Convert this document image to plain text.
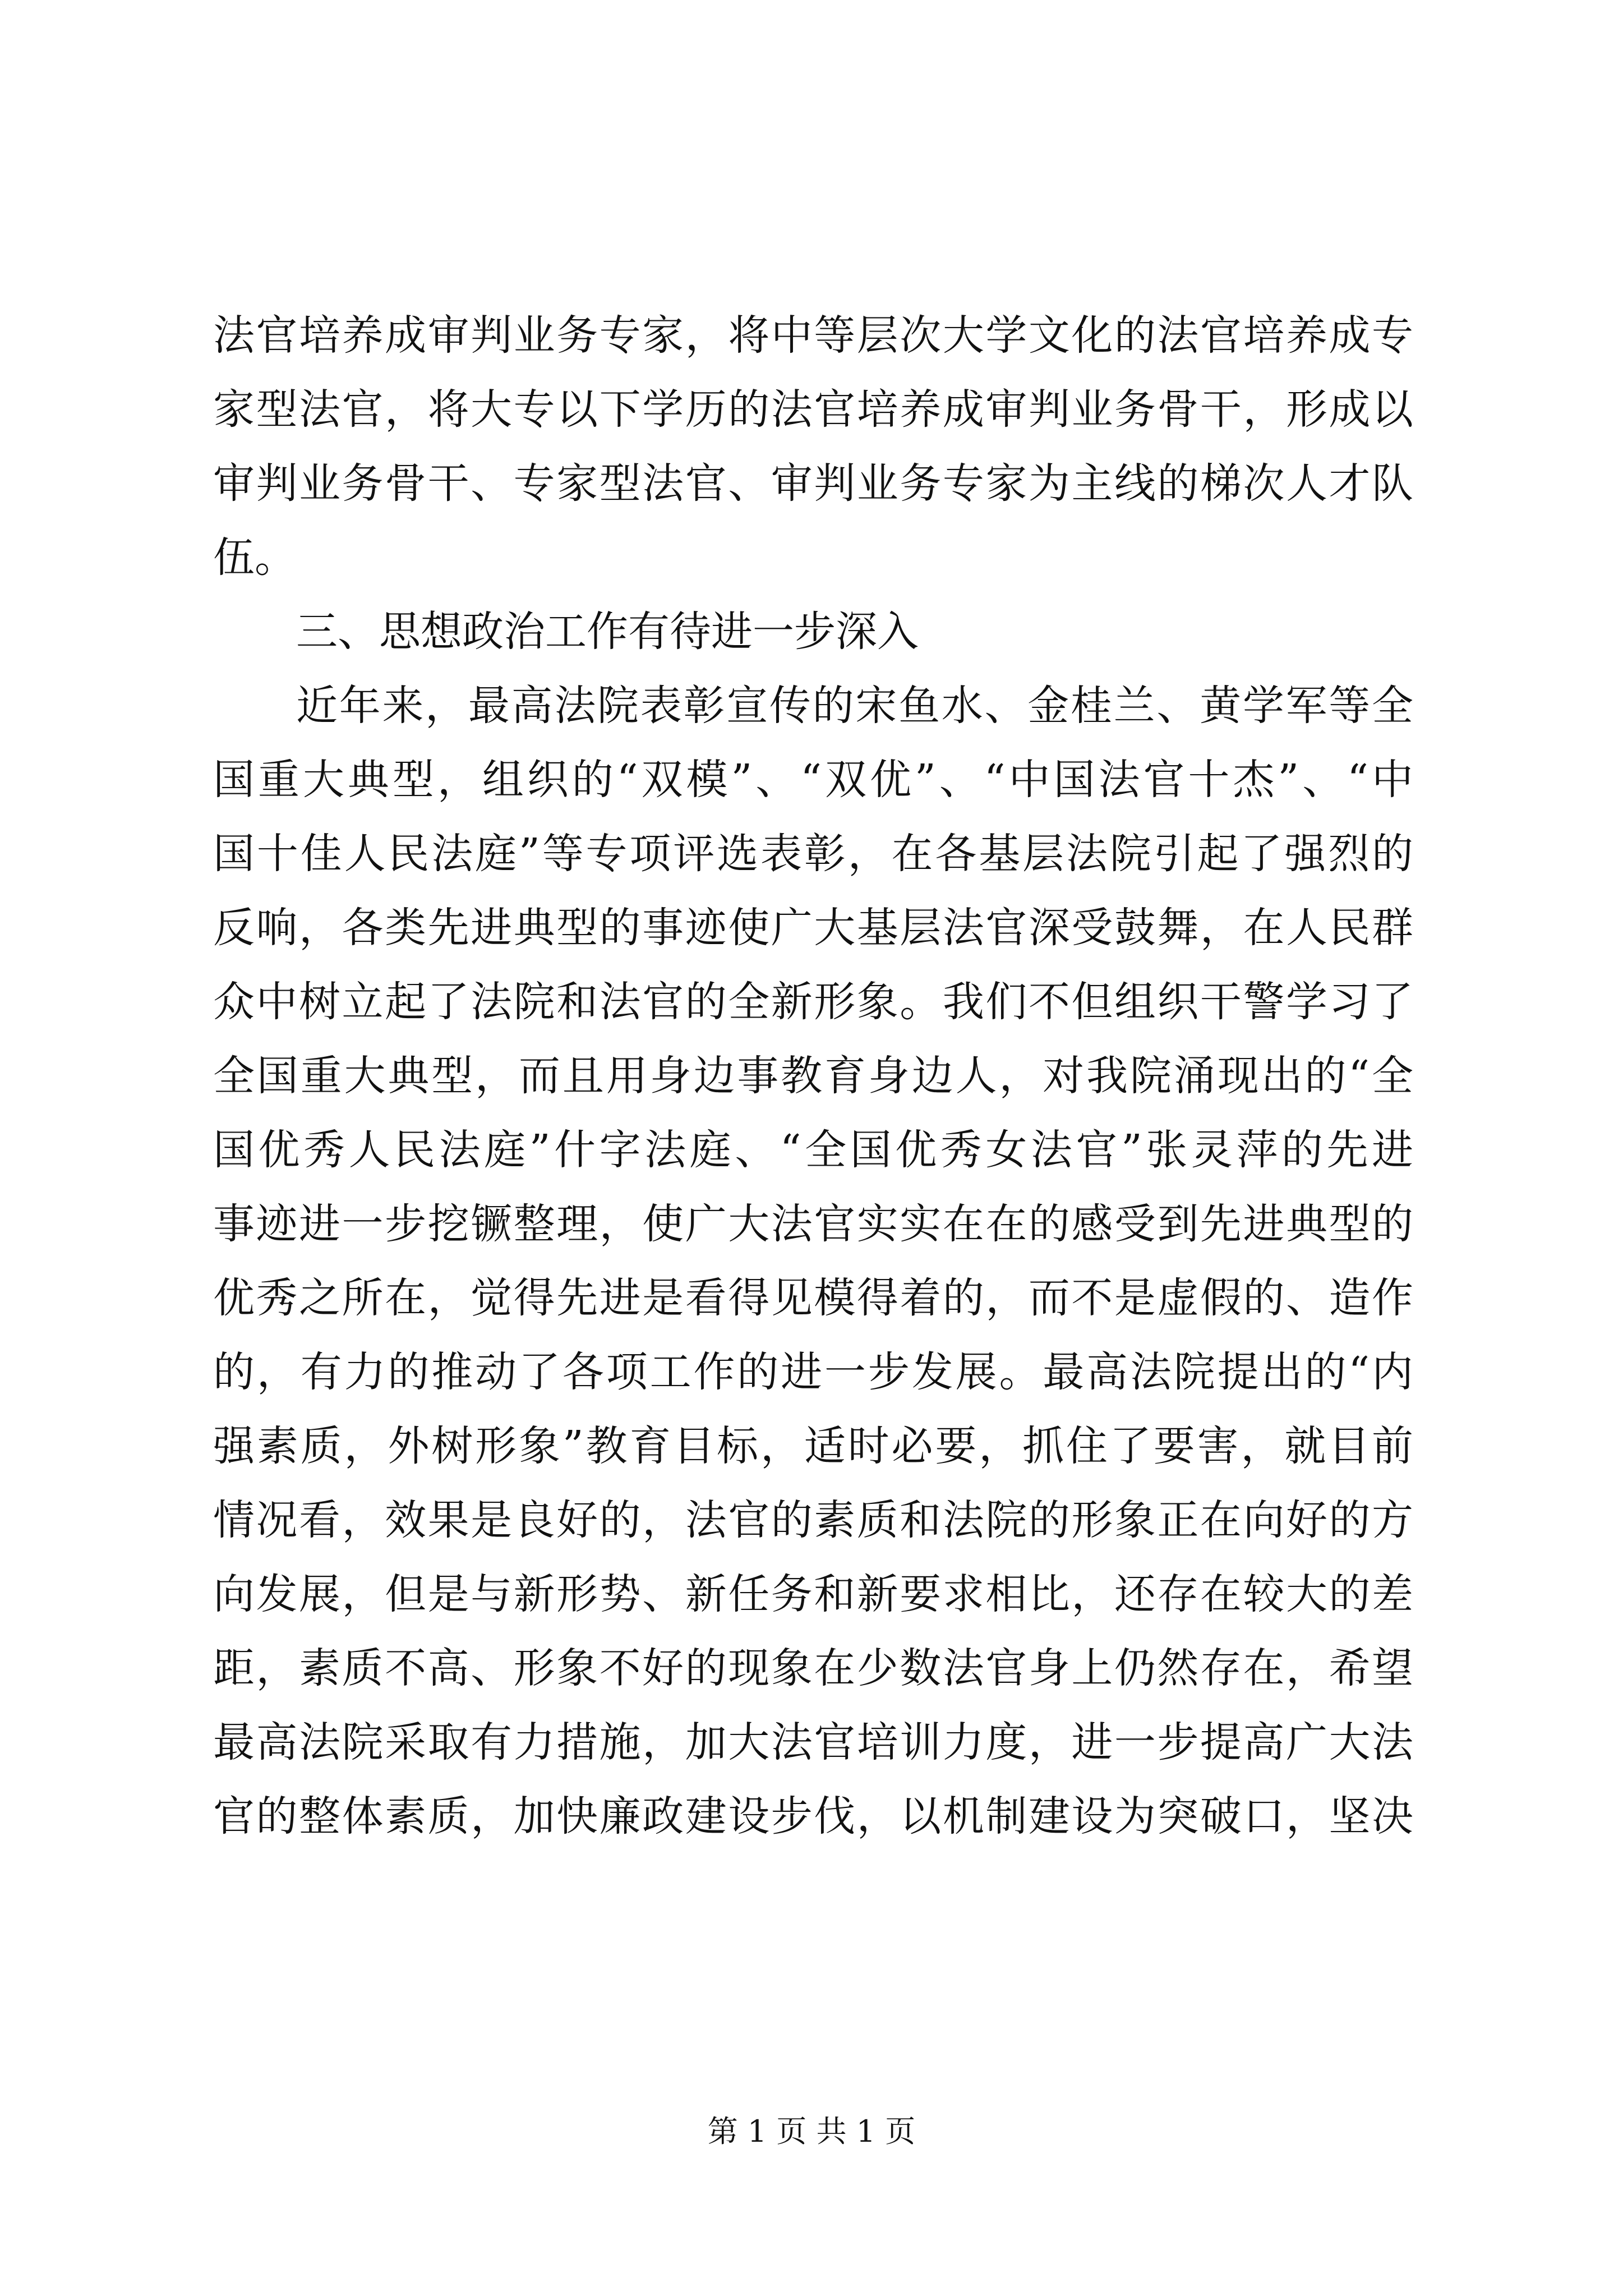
法官培养成审判业务专家，将中等层次大学文化的法官培养成专
家型法官，将大专以下学历的法官培养成审判业务骨干，形成以
审判业务骨干、专家型法官、审判业务专家为主线的梯次人才队
伍。
三、思想政治工作有待进一步深入
近年来，最高法院表彰宣传的宋鱼水、金桂兰、黄学军等全
国重大典型，组织的“双模”、“双优”、“中国法官十杰”、“中
国十佳人民法庭”等专项评选表彰，在各基层法院引起了强烈的
反响，各类先进典型的事迹使广大基层法官深受鼓舞，在人民群
众中树立起了法院和法官的全新形象。我们不但组织干警学习了
全国重大典型，而且用身边事教育身边人，对我院涌现出的“全
国优秀人民法庭”什字法庭、“全国优秀女法官”张灵萍的先进
事迹进一步挖镢整理，使广大法官实实在在的感受到先进典型的
优秀之所在，觉得先进是看得见模得着的，而不是虚假的、造作
的，有力的推动了各项工作的进一步发展。最高法院提出的“内
强素质，外树形象”教育目标，适时必要，抓住了要害，就目前
情况看，效果是良好的，法官的素质和法院的形象正在向好的方
向发展，但是与新形势、新任务和新要求相比，还存在较大的差
距，素质不高、形象不好的现象在少数法官身上仍然存在，希望
最高法院采取有力措施，加大法官培训力度，进一步提高广大法
官的整体素质，加快廉政建设步伐，以机制建设为突破口，坚决
第 1 页 共 1 页
